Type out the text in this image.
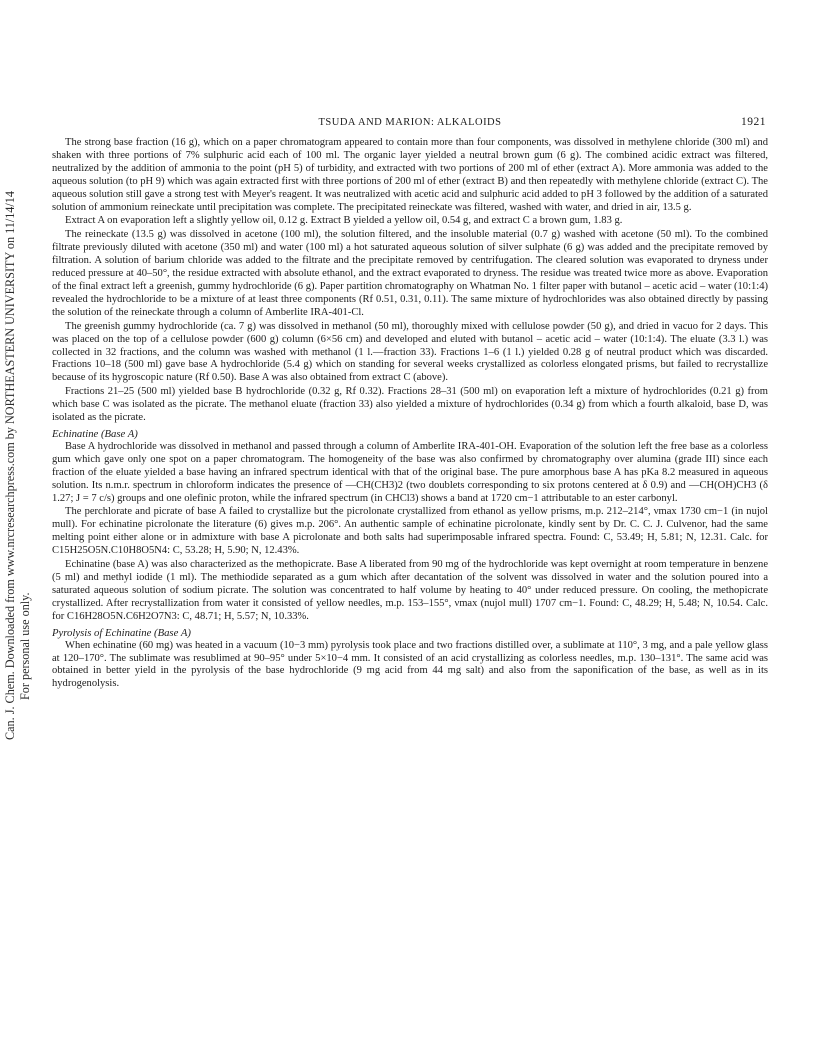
Can. J. Chem. Downloaded from www.nrcresearchpress.com by NORTHEASTERN UNIVERSITY on 11/14/14 For personal use only.
TSUDA AND MARION: ALKALOIDS	1921

The strong base fraction (16 g), which on a paper chromatogram appeared to contain more than four components, was dissolved in methylene chloride (300 ml) and shaken with three portions of 7% sulphuric acid each of 100 ml. The organic layer yielded a neutral brown gum (6 g). The combined acidic extract was filtered, neutralized by the addition of ammonia to the point (pH 5) of turbidity, and extracted with two portions of 200 ml of ether (extract A). More ammonia was added to the aqueous solution (to pH 9) which was again extracted first with three portions of 200 ml of ether (extract B) and then repeatedly with methylene chloride (extract C). The aqueous solution still gave a strong test with Meyer's reagent. It was neutralized with acetic acid and sulphuric acid added to pH 3 followed by the addition of a saturated solution of ammonium reineckate until precipitation was complete. The precipitated reineckate was filtered, washed with water, and dried in air, 13.5 g.

Extract A on evaporation left a slightly yellow oil, 0.12 g. Extract B yielded a yellow oil, 0.54 g, and extract C a brown gum, 1.83 g.

The reineckate (13.5 g) was dissolved in acetone (100 ml), the solution filtered, and the insoluble material (0.7 g) washed with acetone (50 ml). To the combined filtrate previously diluted with acetone (350 ml) and water (100 ml) a hot saturated aqueous solution of silver sulphate (6 g) was added and the precipitate removed by filtration. A solution of barium chloride was added to the filtrate and the precipitate removed by centrifugation. The cleared solution was evaporated to dryness under reduced pressure at 40–50°, the residue extracted with absolute ethanol, and the extract evaporated to dryness. The residue was treated twice more as above. Evaporation of the final extract left a greenish, gummy hydrochloride (6 g). Paper partition chromatography on Whatman No. 1 filter paper with butanol – acetic acid – water (10:1:4) revealed the hydrochloride to be a mixture of at least three components (Rf 0.51, 0.31, 0.11). The same mixture of hydrochlorides was also obtained directly by passing the solution of the reineckate through a column of Amberlite IRA-401-Cl.

The greenish gummy hydrochloride (ca. 7 g) was dissolved in methanol (50 ml), thoroughly mixed with cellulose powder (50 g), and dried in vacuo for 2 days. This was placed on the top of a cellulose powder (600 g) column (6×56 cm) and developed and eluted with butanol – acetic acid – water (10:1:4). The eluate (3.3 l.) was collected in 32 fractions, and the column was washed with methanol (1 l.—fraction 33). Fractions 1–6 (1 l.) yielded 0.28 g of neutral product which was discarded. Fractions 10–18 (500 ml) gave base A hydrochloride (5.4 g) which on standing for several weeks crystallized as colorless elongated prisms, but failed to recrystallize because of its hygroscopic nature (Rf 0.50). Base A was also obtained from extract C (above).

Fractions 21–25 (500 ml) yielded base B hydrochloride (0.32 g, Rf 0.32). Fractions 28–31 (500 ml) on evaporation left a mixture of hydrochlorides (0.21 g) from which base C was isolated as the picrate. The methanol eluate (fraction 33) also yielded a mixture of hydrochlorides (0.34 g) from which a fourth alkaloid, base D, was isolated as the picrate.

Echinatine (Base A)

Base A hydrochloride was dissolved in methanol and passed through a column of Amberlite IRA-401-OH. Evaporation of the solution left the free base as a colorless gum which gave only one spot on a paper chromatogram. The homogeneity of the base was also confirmed by chromatography over alumina (grade III) since each fraction of the eluate yielded a base having an infrared spectrum identical with that of the original base. The pure amorphous base A has pKa 8.2 measured in aqueous solution. Its n.m.r. spectrum in chloroform indicates the presence of —CH(CH3)2 (two doublets corresponding to six protons centered at δ 0.9) and —CH(OH)CH3 (δ 1.27; J = 7 c/s) groups and one olefinic proton, while the infrared spectrum (in CHCl3) shows a band at 1720 cm−1 attributable to an ester carbonyl.

The perchlorate and picrate of base A failed to crystallize but the picrolonate crystallized from ethanol as yellow prisms, m.p. 212–214°, νmax 1730 cm−1 (in nujol mull). For echinatine picrolonate the literature (6) gives m.p. 206°. An authentic sample of echinatine picrolonate, kindly sent by Dr. C. C. J. Culvenor, had the same melting point either alone or in admixture with base A picrolonate and both salts had superimposable infrared spectra. Found: C, 53.49; H, 5.81; N, 12.31. Calc. for C15H25O5N.C10H8O5N4: C, 53.28; H, 5.90; N, 12.43%.

Echinatine (base A) was also characterized as the methopicrate. Base A liberated from 90 mg of the hydrochloride was kept overnight at room temperature in benzene (5 ml) and methyl iodide (1 ml). The methiodide separated as a gum which after decantation of the solvent was dissolved in water and the solution poured into a saturated aqueous solution of sodium picrate. The solution was concentrated to half volume by heating to 40° under reduced pressure. On cooling, the methopicrate crystallized. After recrystallization from water it consisted of yellow needles, m.p. 153–155°, νmax (nujol mull) 1707 cm−1. Found: C, 48.29; H, 5.48; N, 10.54. Calc. for C16H28O5N.C6H2O7N3: C, 48.71; H, 5.57; N, 10.33%.

Pyrolysis of Echinatine (Base A)

When echinatine (60 mg) was heated in a vacuum (10−3 mm) pyrolysis took place and two fractions distilled over, a sublimate at 110°, 3 mg, and a pale yellow glass at 120–170°. The sublimate was resublimed at 90–95° under 5×10−4 mm. It consisted of an acid crystallizing as colorless needles, m.p. 130–131°. The same acid was obtained in better yield in the pyrolysis of the base hydrochloride (9 mg acid from 44 mg salt) and also from the saponification of the base, as well as in its hydrogenolysis.
